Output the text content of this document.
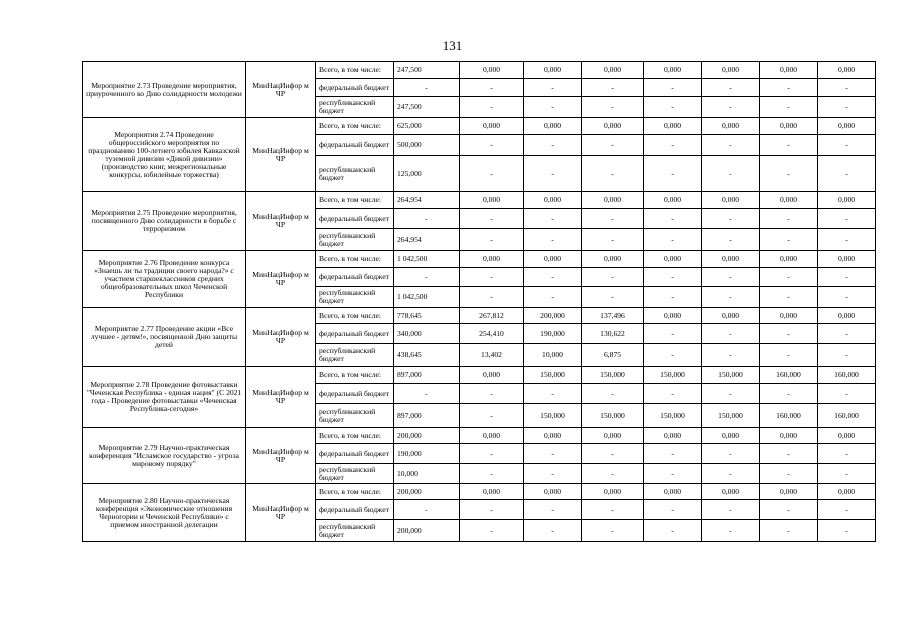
131
Мероприятие 2.73 Проведение мероприятия, приуроченного ко Дню солидарности молодежи	МинНацИнфор м ЧР	Всего, в том числе:	247,500	0,000	0,000	0,000	0,000	0,000	0,000	0,000
		федеральный бюджет	-	-	-	-	-	-	-	-
		республиканский бюджет	247,500	-	-	-	-	-	-	-
Мероприятия 2.74 Проведение общероссийского мероприятия по празднованию 100-летнего юбилея Кавказской туземной дивизии «Дикой дивизии» (производство книг, межрегиональные конкурсы, юбилейные торжества)	МинНацИнфор м ЧР	Всего, в том числе:	625,000	0,000	0,000	0,000	0,000	0,000	0,000	0,000
		федеральный бюджет	500,000	-	-	-	-	-	-	-
		республиканский бюджет	125,000	-	-	-	-	-	-	-
Мероприятия 2.75 Проведение мероприятия, посвященного Дню солидарности в борьбе с терроризмом	МинНацИнфор м ЧР	Всего, в том числе:	264,954	0,000	0,000	0,000	0,000	0,000	0,000	0,000
		федеральный бюджет	-	-	-	-	-	-	-	-
		республиканский бюджет	264,954	-	-	-	-	-	-	-
Мероприятие 2.76 Проведение конкурса «Знаешь ли ты традиции своего народа?» с участием старшеклассников средних общеобразовательных школ Чеченской Республики	МинНацИнфор м ЧР	Всего, в том числе:	1 042,500	0,000	0,000	0,000	0,000	0,000	0,000	0,000
		федеральный бюджет	-	-	-	-	-	-	-	-
		республиканский бюджет	1 042,500	-	-	-	-	-	-	-
Мероприятие 2.77 Проведение акции «Все лучшее - детям!», посвященной Дню защиты детей	МинНацИнфор м ЧР	Всего, в том числе:	778,645	267,812	200,000	137,496	0,000	0,000	0,000	0,000
		федеральный бюджет	340,000	254,410	190,000	130,622	-	-	-	-
		республиканский бюджет	438,645	13,402	10,000	6,875	-	-	-	-
Мероприятие 2.78 Проведение фотовыставки "Чеченская Республика - единая нация" (С 2021 года - Проведение фотовыставки «Чеченская Республика-сегодня»	МинНацИнфор м ЧР	Всего, в том числе:	897,000	0,000	150,000	150,000	150,000	150,000	160,000	160,000
		федеральный бюджет	-	-	-	-	-	-	-	-
		республиканский бюджет	897,000	-	150,000	150,000	150,000	150,000	160,000	160,000
Мероприятие 2.79 Научно-практическая конференция "Исламское государство - угроза мировому порядку"	МинНацИнфор м ЧР	Всего, в том числе:	200,000	0,000	0,000	0,000	0,000	0,000	0,000	0,000
		федеральный бюджет	190,000	-	-	-	-	-	-	-
		республиканский бюджет	10,000	-	-	-	-	-	-	-
Мероприятие 2.80 Научно-практическая конференция «Экономические отношения Черногории и Чеченской Республики» с приемом иностранной делегации	МинНацИнфор м ЧР	Всего, в том числе:	200,000	0,000	0,000	0,000	0,000	0,000	0,000	0,000
		федеральный бюджет	-	-	-	-	-	-	-	-
		республиканский бюджет	200,000	-	-	-	-	-	-	-
